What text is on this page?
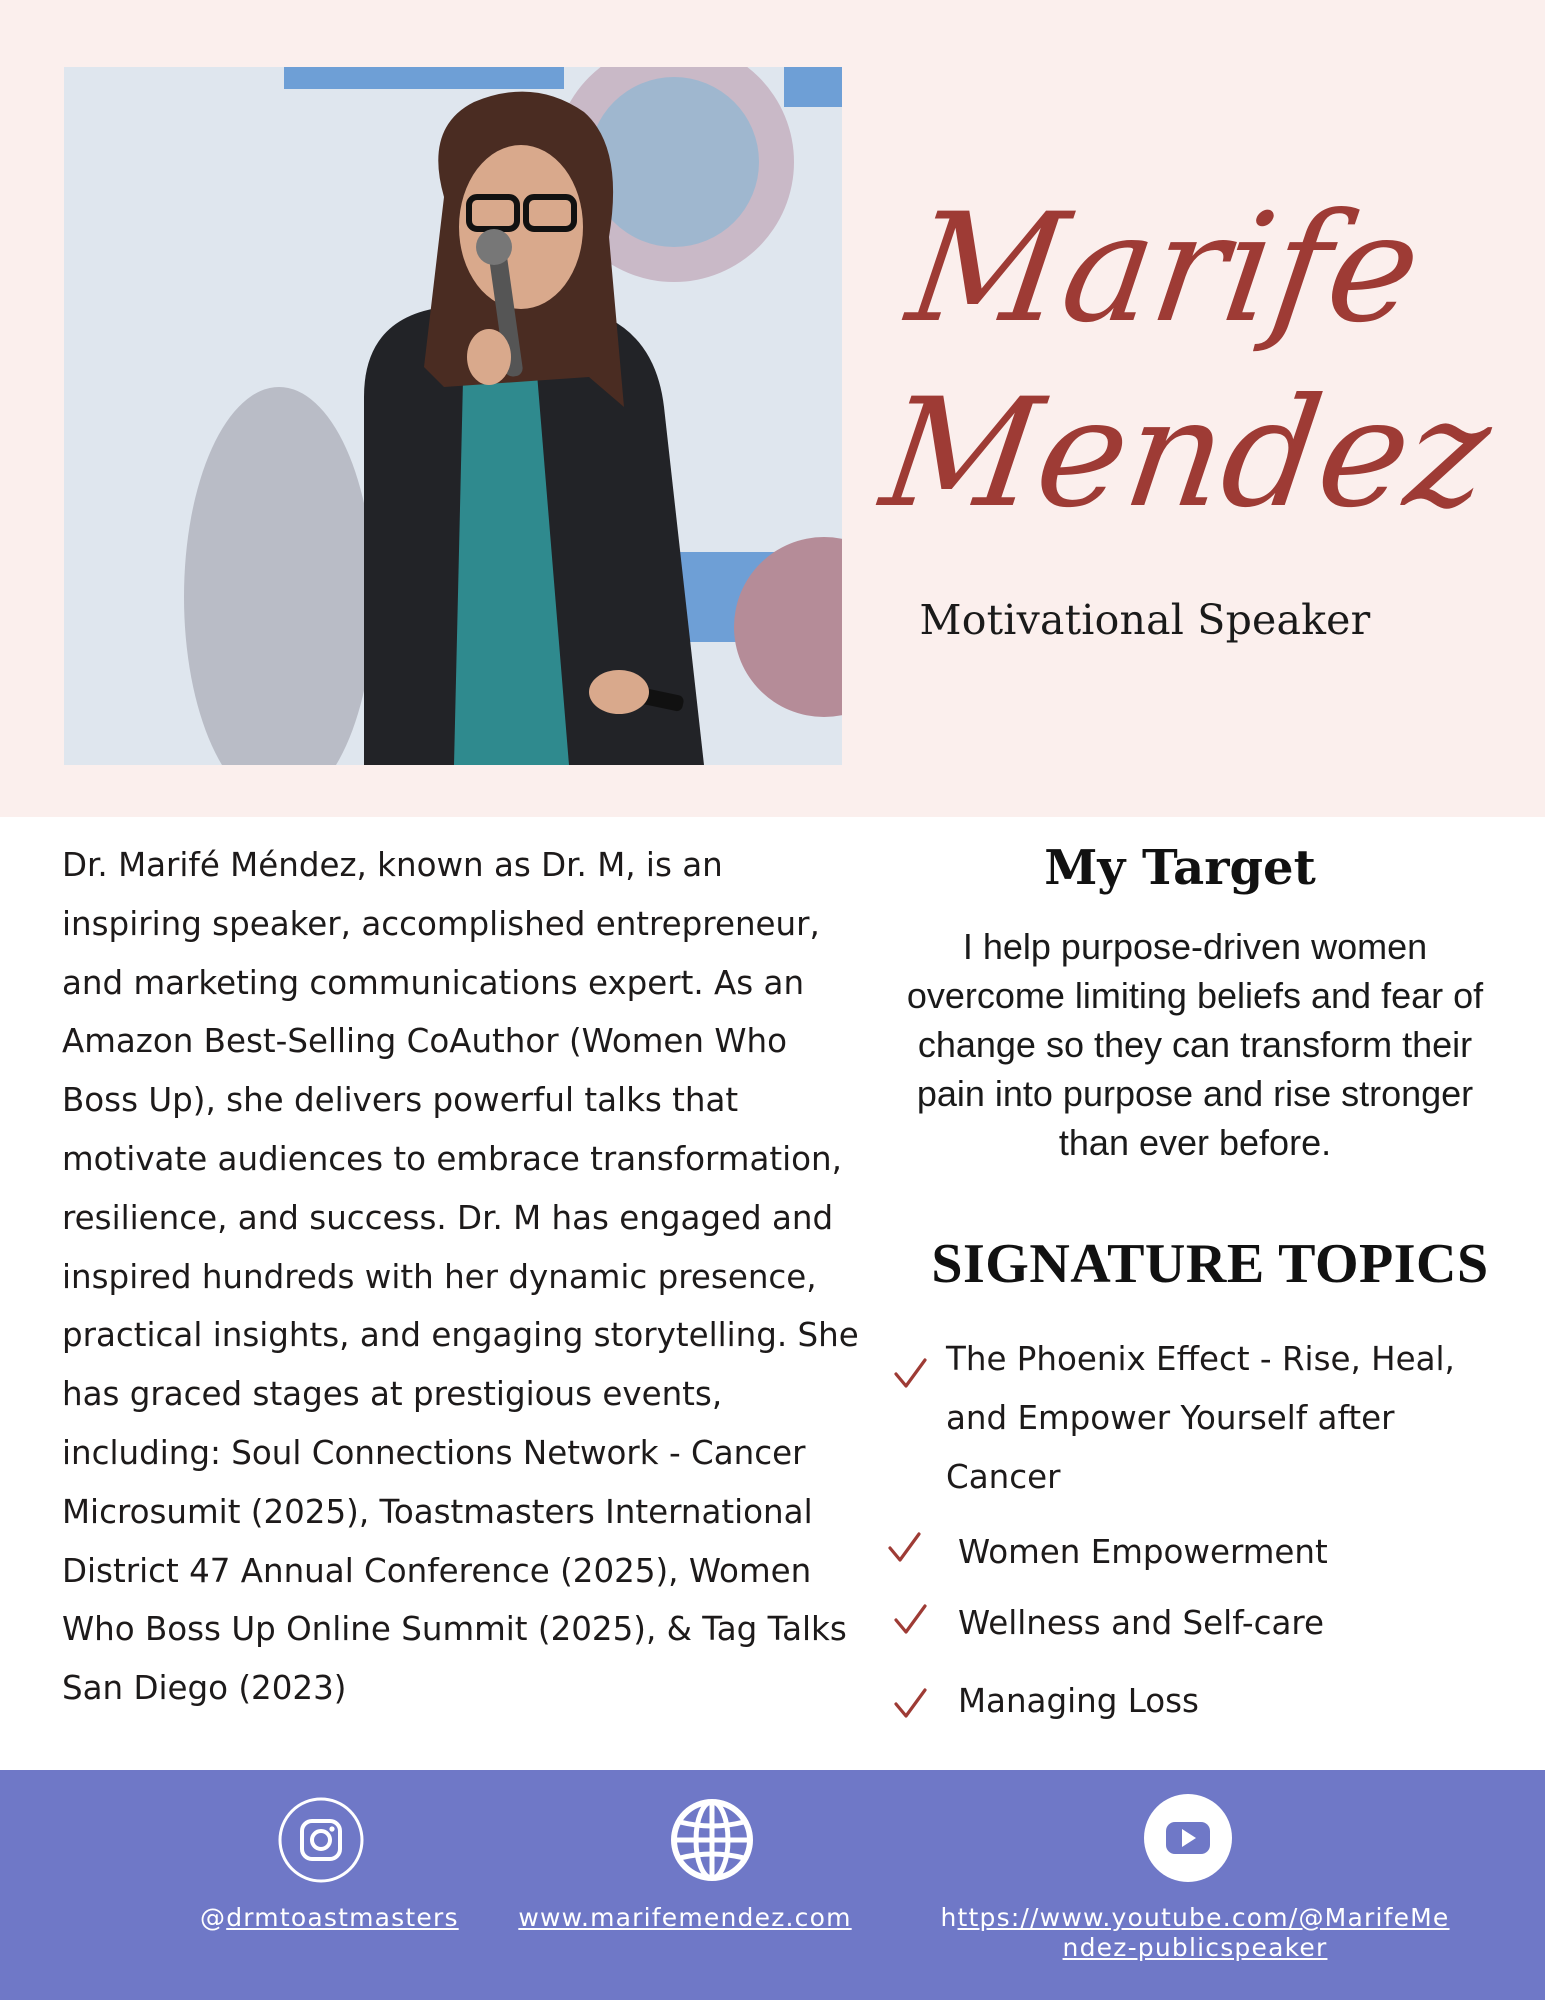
Marife
Mendez
Motivational Speaker
Dr. Marifé Méndez, known as Dr. M, is an inspiring speaker, accomplished entrepreneur, and marketing communications expert. As an Amazon Best-Selling CoAuthor (Women Who Boss Up), she delivers powerful talks that motivate audiences to embrace transformation, resilience, and success. Dr. M has engaged and inspired hundreds with her dynamic presence, practical insights, and engaging storytelling. She has graced stages at prestigious events, including: Soul Connections Network - Cancer Microsumit (2025), Toastmasters International District 47 Annual Conference (2025), Women Who Boss Up Online Summit (2025), & Tag Talks San Diego (2023)
My Target
I help purpose-driven women overcome limiting beliefs and fear of change so they can transform their pain into purpose and rise stronger than ever before.
SIGNATURE TOPICS
The Phoenix Effect - Rise, Heal, and Empower Yourself after Cancer
Women Empowerment
Wellness and Self-care
Managing Loss
@drmtoastmasters	www.marifemendez.com	https://www.youtube.com/@MarifeMe
ndez-publicspeaker
